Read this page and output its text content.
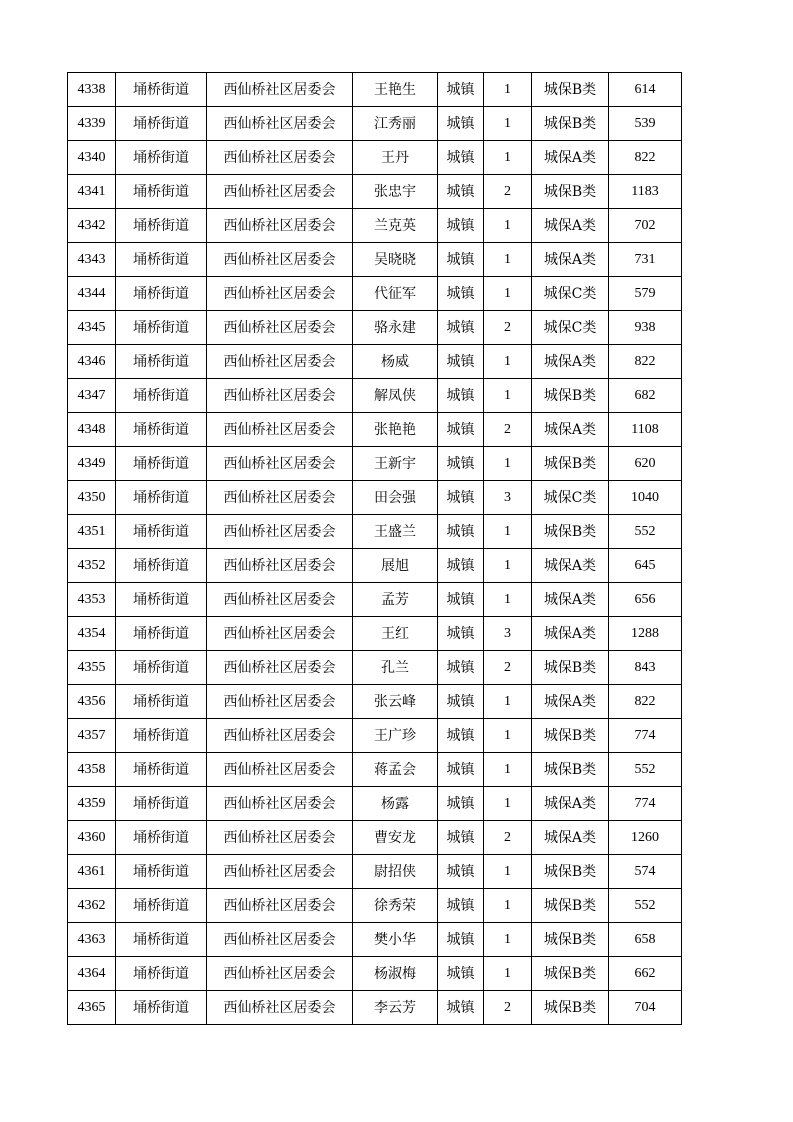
4338	埇桥街道	西仙桥社区居委会	王艳生	城镇	1	城保B类	614
4339	埇桥街道	西仙桥社区居委会	江秀丽	城镇	1	城保B类	539
4340	埇桥街道	西仙桥社区居委会	王丹	城镇	1	城保A类	822
4341	埇桥街道	西仙桥社区居委会	张忠宇	城镇	2	城保B类	1183
4342	埇桥街道	西仙桥社区居委会	兰克英	城镇	1	城保A类	702
4343	埇桥街道	西仙桥社区居委会	吴晓晓	城镇	1	城保A类	731
4344	埇桥街道	西仙桥社区居委会	代征军	城镇	1	城保C类	579
4345	埇桥街道	西仙桥社区居委会	骆永建	城镇	2	城保C类	938
4346	埇桥街道	西仙桥社区居委会	杨威	城镇	1	城保A类	822
4347	埇桥街道	西仙桥社区居委会	解凤侠	城镇	1	城保B类	682
4348	埇桥街道	西仙桥社区居委会	张艳艳	城镇	2	城保A类	1108
4349	埇桥街道	西仙桥社区居委会	王新宇	城镇	1	城保B类	620
4350	埇桥街道	西仙桥社区居委会	田会强	城镇	3	城保C类	1040
4351	埇桥街道	西仙桥社区居委会	王盛兰	城镇	1	城保B类	552
4352	埇桥街道	西仙桥社区居委会	展旭	城镇	1	城保A类	645
4353	埇桥街道	西仙桥社区居委会	孟芳	城镇	1	城保A类	656
4354	埇桥街道	西仙桥社区居委会	王红	城镇	3	城保A类	1288
4355	埇桥街道	西仙桥社区居委会	孔兰	城镇	2	城保B类	843
4356	埇桥街道	西仙桥社区居委会	张云峰	城镇	1	城保A类	822
4357	埇桥街道	西仙桥社区居委会	王广珍	城镇	1	城保B类	774
4358	埇桥街道	西仙桥社区居委会	蒋孟会	城镇	1	城保B类	552
4359	埇桥街道	西仙桥社区居委会	杨露	城镇	1	城保A类	774
4360	埇桥街道	西仙桥社区居委会	曹安龙	城镇	2	城保A类	1260
4361	埇桥街道	西仙桥社区居委会	尉招侠	城镇	1	城保B类	574
4362	埇桥街道	西仙桥社区居委会	徐秀荣	城镇	1	城保B类	552
4363	埇桥街道	西仙桥社区居委会	樊小华	城镇	1	城保B类	658
4364	埇桥街道	西仙桥社区居委会	杨淑梅	城镇	1	城保B类	662
4365	埇桥街道	西仙桥社区居委会	李云芳	城镇	2	城保B类	704
